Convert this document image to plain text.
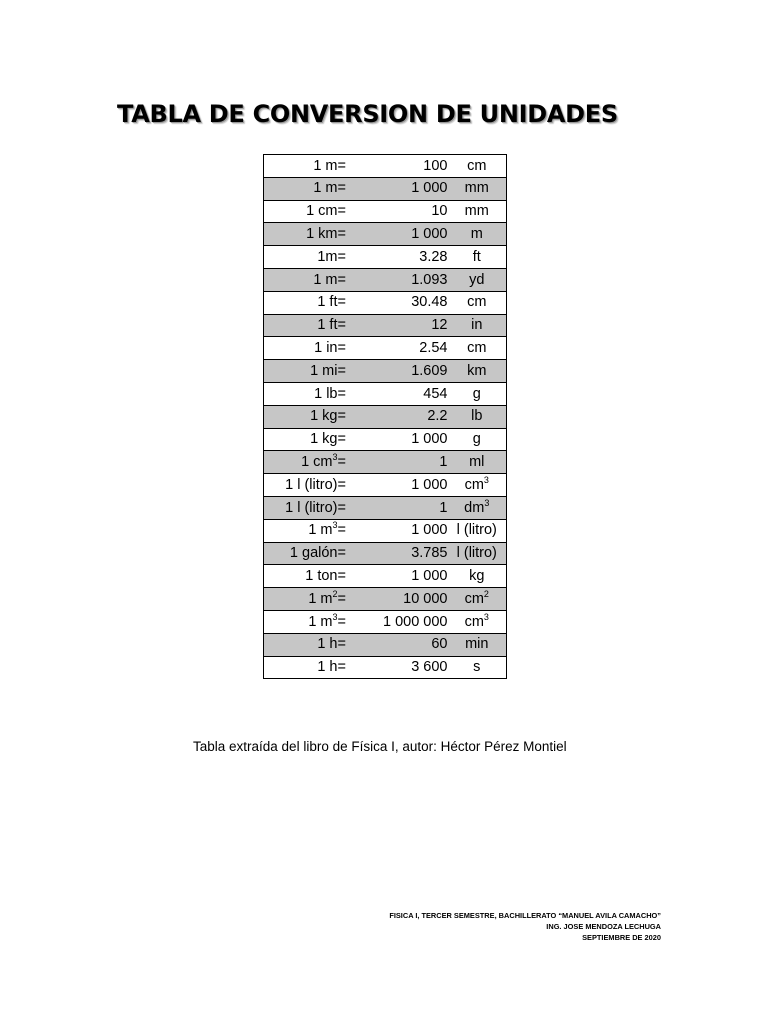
TABLA DE CONVERSION DE UNIDADES
1 m	=	100	cm
1 m	=	1 000	mm
1 cm	=	10	mm
1 km	=	1 000	m
1m	=	3.28	ft
1 m	=	1.093	yd
1 ft	=	30.48	cm
1 ft	=	12	in
1 in	=	2.54	cm
1 mi	=	1.609	km
1 lb	=	454	g
1 kg	=	2.2	lb
1 kg	=	1 000	g
1 $cm^3$	=	1	ml
1 l (litro)	=	1 000	$cm^3$
1 l (litro)	=	1	$dm^3$
1 $m^3$	=	1 000	l (litro)
1 galón	=	3.785	l (litro)
1 ton	=	1 000	kg
1 $m^2$	=	10 000	$cm^2$
1 $m^3$	=	1 000 000	$cm^3$
1 h	=	60	min
1 h	=	3 600	s

Tabla extraída del libro de Física I, autor: Héctor Pérez Montiel

FISICA I, TERCER SEMESTRE, BACHILLERATO “MANUEL AVILA CAMACHO”
ING. JOSE MENDOZA LECHUGA
SEPTIEMBRE DE 2020
